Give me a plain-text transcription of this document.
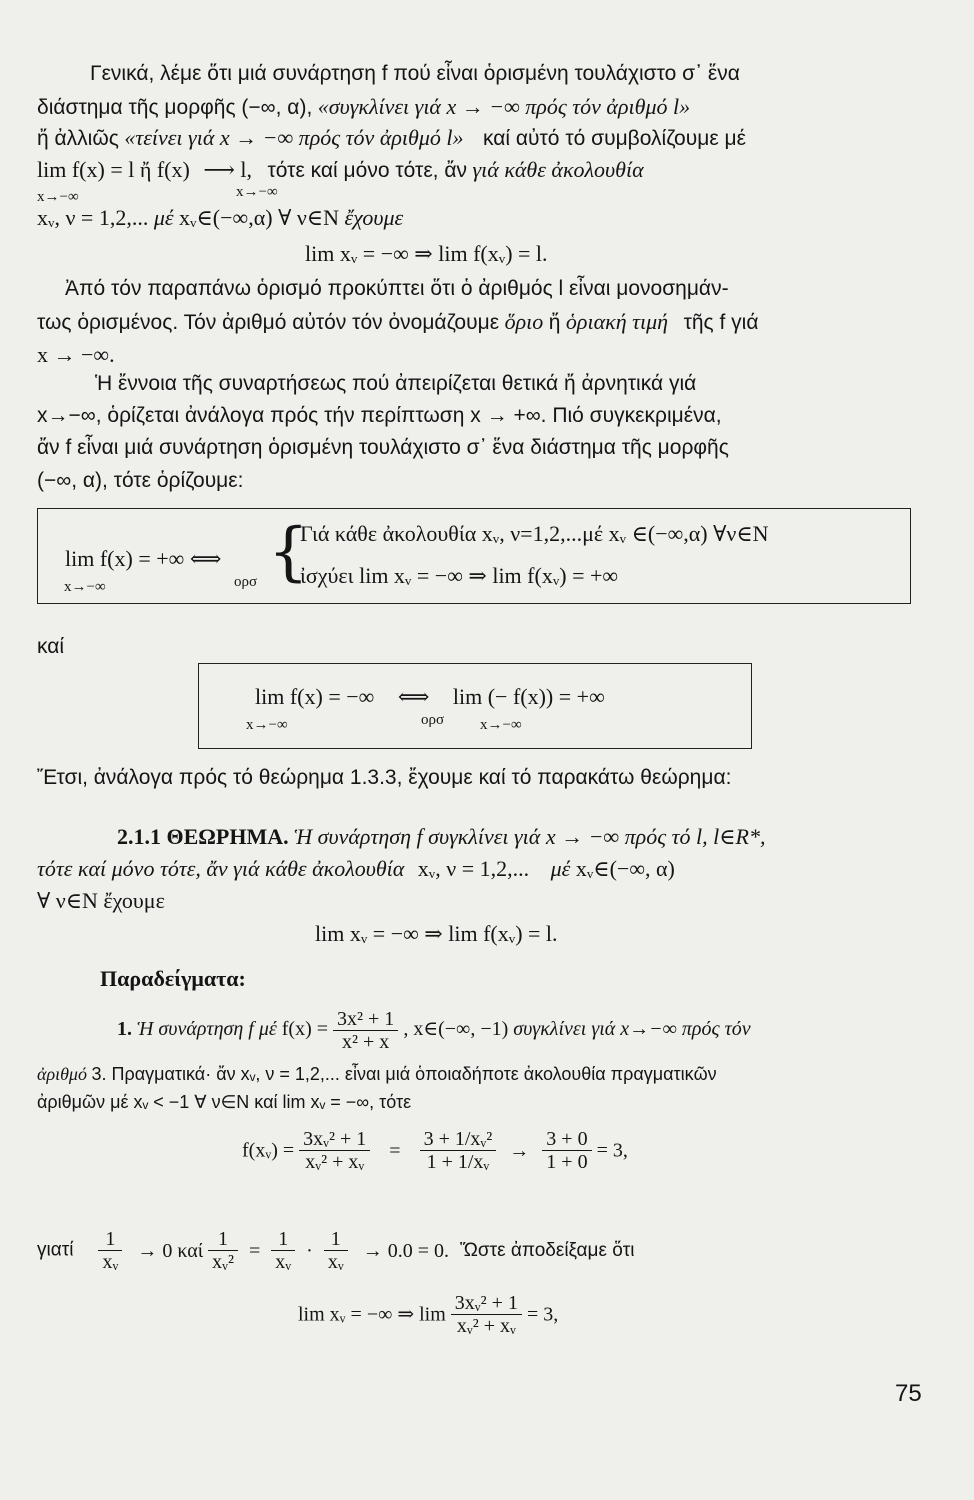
Γενικά, λέμε ὅτι μιά συνάρτηση f πού εἶναι ὁρισμένη τουλάχιστο σ᾽ ἕνα
διάστημα τῆς μορφῆς (−∞, α), «συγκλίνει γιά x → −∞ πρός τόν ἀριθμό l»
ἤ ἀλλιῶς «τείνει γιά x → −∞ πρός τόν ἀριθμό l» καί αὐτό τό συμβολίζουμε μέ
lim f(x) = l ἤ f(x) ⟶ l, τότε καί μόνο τότε, ἄν γιά κάθε ἀκολουθία
x→−∞	x→−∞
xᵥ, ν = 1,2,... μέ xᵥ∈(−∞,α) ∀ ν∈N ἔχουμε
lim xᵥ = −∞ ⇒ lim f(xᵥ) = l.
Ἀπό τόν παραπάνω ὁρισμό προκύπτει ὅτι ὁ ἀριθμός l εἶναι μονοσημάν-
τως ὁρισμένος. Τόν ἀριθμό αὐτόν τόν ὀνομάζουμε ὅριο ἤ ὁριακή τιμή τῆς f γιά
x → −∞.
Ἡ ἔννοια τῆς συναρτήσεως πού ἀπειρίζεται θετικά ἤ ἀρνητικά γιά
x→−∞, ὁρίζεται ἀνάλογα πρός τήν περίπτωση x → +∞. Πιό συγκεκριμένα,
ἄν f εἶναι μιά συνάρτηση ὁρισμένη τουλάχιστο σ᾽ ἕνα διάστημα τῆς μορφῆς
(−∞, α), τότε ὁρίζουμε:
lim f(x) = +∞ ⟺
x→−∞	ορσ {
Γιά κάθε ἀκολουθία xᵥ, ν=1,2,...μέ xᵥ ∈(−∞,α) ∀ν∈N
ἰσχύει lim xᵥ = −∞ ⇒ lim f(xᵥ) = +∞
καί
lim f(x) = −∞ ⟺ lim (− f(x)) = +∞
x→−∞	ορσ x→−∞
Ἔτσι, ἀνάλογα πρός τό θεώρημα 1.3.3, ἔχουμε καί τό παρακάτω θεώρημα:
2.1.1 ΘΕΩΡΗΜΑ. Ἡ συνάρτηση f συγκλίνει γιά x → −∞ πρός τό l, l∈R*,
τότε καί μόνο τότε, ἄν γιά κάθε ἀκολουθία xᵥ, ν = 1,2,... μέ xᵥ∈(−∞, α)
∀ ν∈N ἔχουμε
lim xᵥ = −∞ ⇒ lim f(xᵥ) = l.
Παραδείγματα:
1. Ἡ συνάρτηση f μέ $f(x) = \frac{\text{3x² + 1}}{\text{x² + x}}$ , x∈(−∞, −1) συγκλίνει γιά x→−∞ πρός τόν
ἀριθμό 3. Πραγματικά· ἄν xᵥ, ν = 1,2,... εἶναι μιά ὁποιαδήποτε ἀκολουθία πραγματικῶν
ἀριθμῶν μέ xᵥ < −1 ∀ ν∈N καί lim xᵥ = −∞, τότε
f(xᵥ) = $\frac{\text{3xᵥ² + 1}}{\text{xᵥ² + xᵥ}} = \frac{\text{3 + 1/xᵥ²}}{\text{1 + 1/xᵥ}} \to \frac{3 + 0}{1 + 0} = 3$,
γιατί $\frac{1}{\text{xᵥ}} \to 0$ καί $\frac{1}{\text{xᵥ²}} = \frac{1}{\text{xᵥ}} \cdot \frac{1}{\text{xᵥ}} \to 0.0 = 0$. Ὥστε ἀποδείξαμε ὅτι
lim xᵥ = −∞ ⇒ $\lim \frac{\text{3xᵥ² + 1}}{\text{xᵥ² + xᵥ}} = 3$,
75
